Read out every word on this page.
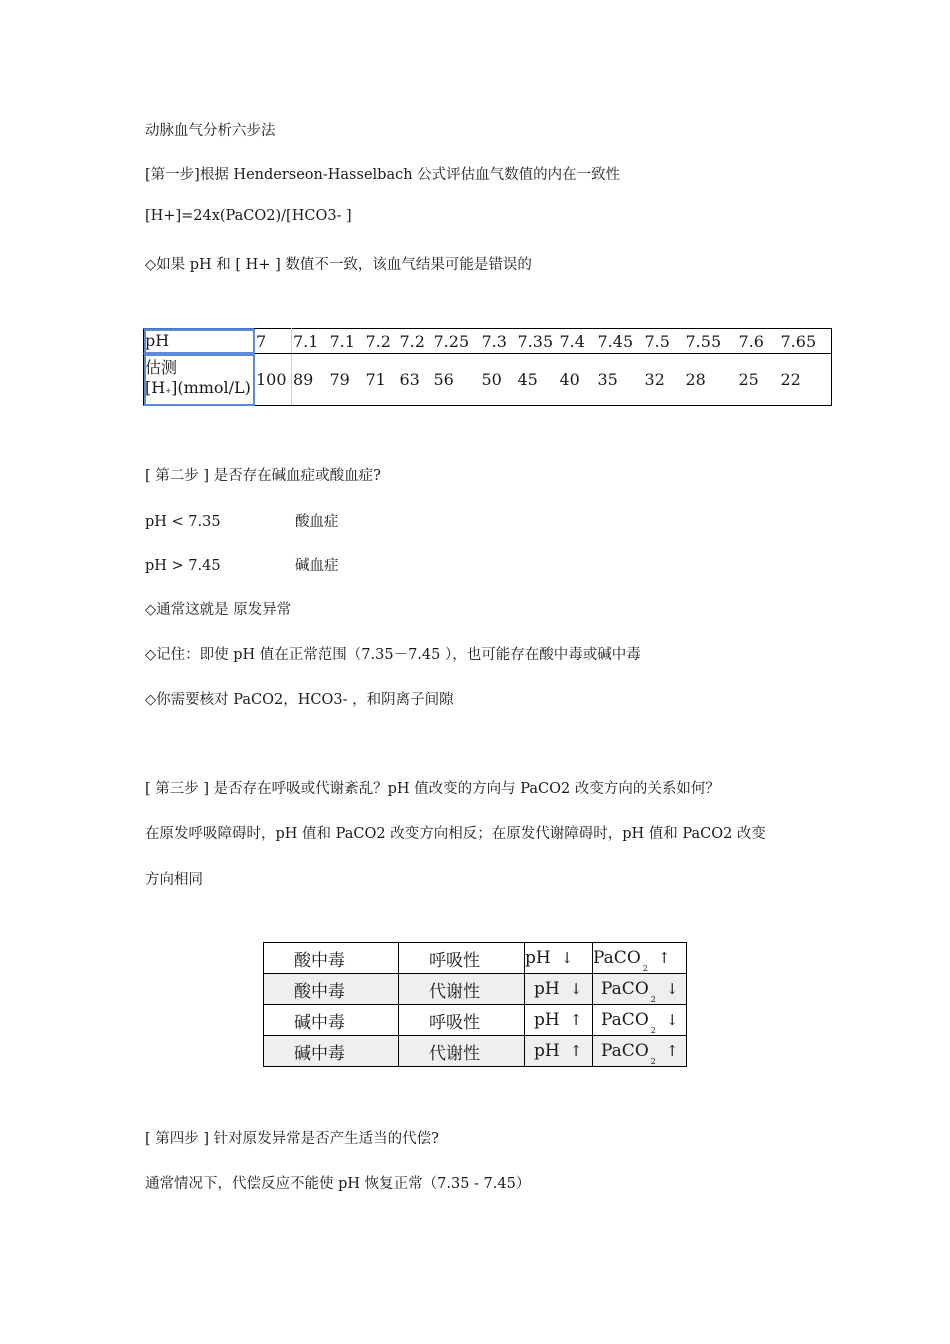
动脉血气分析六步法
[第一步]根据 Henderseon-Hasselbach 公式评估血气数值的内在一致性
[H+]=24x(PaCO2)/[HCO3- ]
◇如果 pH 和 [ H+ ] 数值不一致，该血气结果可能是错误的
pH	7	7.1	7.1	7.2	7.2	7.25	7.3	7.35	7.4	7.45	7.5	7.55	7.6	7.65
估测
[H+](mmol/L)	100	89	79	71	63	56	50	45	40	35	32	28	25	22
[ 第二步 ] 是否存在碱血症或酸血症?
pH < 7.35	酸血症
pH > 7.45	碱血症
◇通常这就是 原发异常
◇记住：即使 pH 值在正常范围（7.35－7.45 ），也可能存在酸中毒或碱中毒
◇你需要核对 PaCO2，HCO3- ，和阴离子间隙
[ 第三步 ] 是否存在呼吸或代谢紊乱？pH 值改变的方向与 PaCO2 改变方向的关系如何？
在原发呼吸障碍时，pH 值和 PaCO2 改变方向相反；在原发代谢障碍时，pH 值和 PaCO2 改变
方向相同
酸中毒	呼吸性	pH ↓	PaCO$_2$↑
酸中毒	代谢性	pH ↓	PaCO$_2$↓
碱中毒	呼吸性	pH ↑	PaCO$_2$↓
碱中毒	代谢性	pH ↑	PaCO$_2$↑
[ 第四步 ] 针对原发异常是否产生适当的代偿?
通常情况下，代偿反应不能使 pH 恢复正常（7.35 - 7.45）
